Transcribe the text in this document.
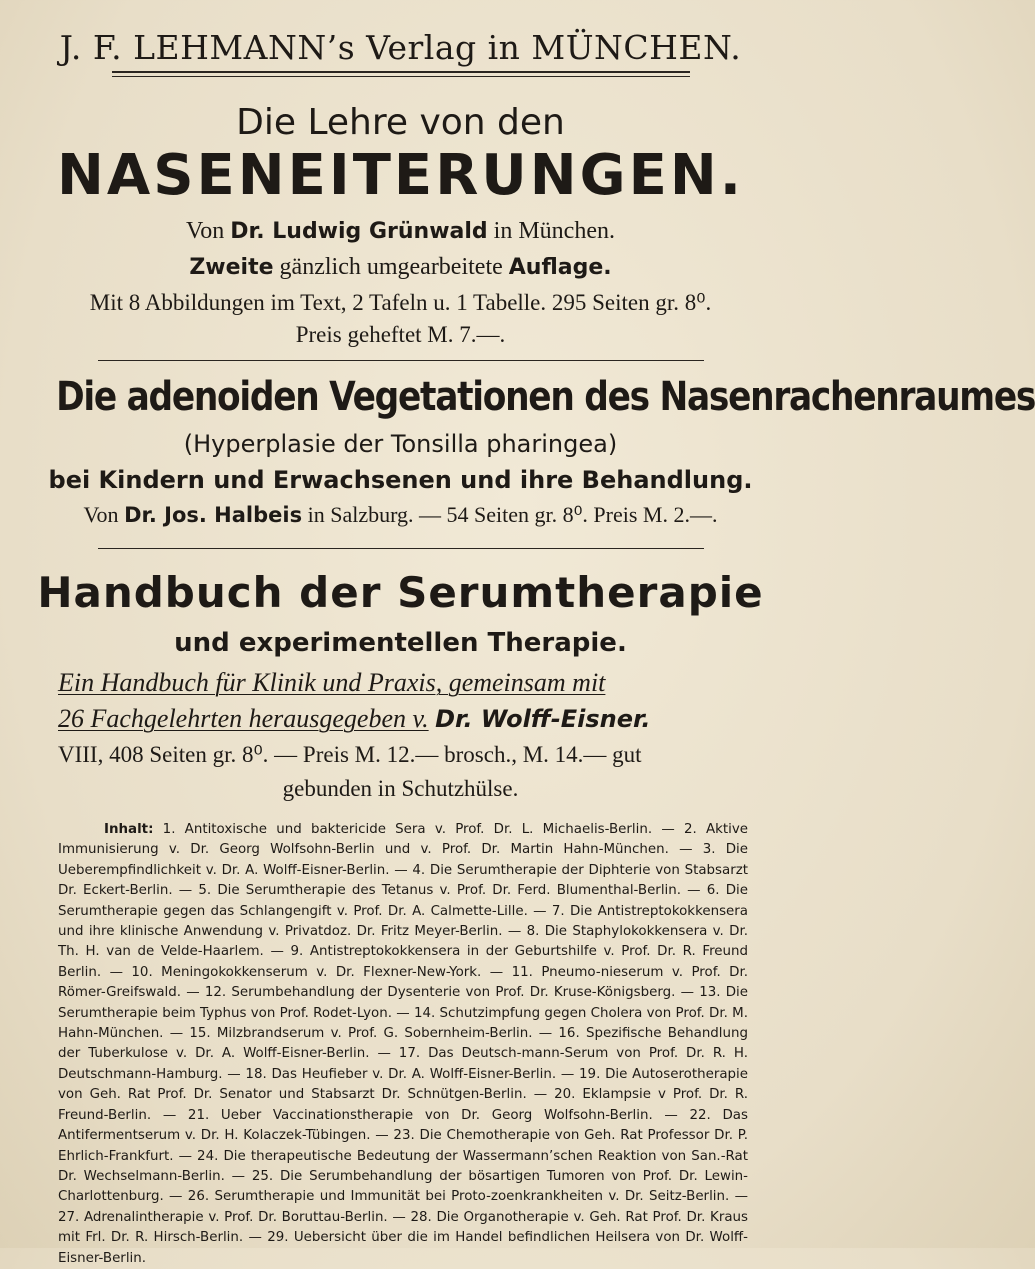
J. F. LEHMANN’s Verlag in MÜNCHEN.
Die Lehre von den
NASENEITERUNGEN.
Von Dr. Ludwig Grünwald in München.
Zweite gänzlich umgearbeitete Auflage.
Mit 8 Abbildungen im Text, 2 Tafeln u. 1 Tabelle. 295 Seiten gr. 8⁰.
Preis geheftet M. 7.—.
Die adenoiden Vegetationen des Nasenrachenraumes
(Hyperplasie der Tonsilla pharingea)
bei Kindern und Erwachsenen und ihre Behandlung.
Von Dr. Jos. Halbeis in Salzburg. — 54 Seiten gr. 8⁰. Preis M. 2.—.
Handbuch der Serumtherapie
und experimentellen Therapie.
Ein Handbuch für Klinik und Praxis, gemeinsam mit
26 Fachgelehrten herausgegeben v. Dr. Wolff-Eisner.
VIII, 408 Seiten gr. 8⁰. — Preis M. 12.— brosch., M. 14.— gut
gebunden in Schutzhülse.
Inhalt: 1. Antitoxische und baktericide Sera v. Prof. Dr. L. Michaelis-Berlin. — 2. Aktive Immunisierung v. Dr. Georg Wolfsohn-Berlin und v. Prof. Dr. Martin Hahn-München. — 3. Die Ueberempfindlichkeit v. Dr. A. Wolff-Eisner-Berlin. — 4. Die Serumtherapie der Diphterie von Stabsarzt Dr. Eckert-Berlin. — 5. Die Serumtherapie des Tetanus v. Prof. Dr. Ferd. Blumenthal-Berlin. — 6. Die Serumtherapie gegen das Schlangengift v. Prof. Dr. A. Calmette-Lille. — 7. Die Antistreptokokkensera und ihre klinische Anwendung v. Privatdoz. Dr. Fritz Meyer-Berlin. — 8. Die Staphylokokkensera v. Dr. Th. H. van de Velde-Haarlem. — 9. Antistreptokokkensera in der Geburtshilfe v. Prof. Dr. R. Freund Berlin. — 10. Meningokokkenserum v. Dr. Flexner-New-York. — 11. Pneumo-nieserum v. Prof. Dr. Römer-Greifswald. — 12. Serumbehandlung der Dysenterie von Prof. Dr. Kruse-Königsberg. — 13. Die Serumtherapie beim Typhus von Prof. Rodet-Lyon. — 14. Schutzimpfung gegen Cholera von Prof. Dr. M. Hahn-München. — 15. Milzbrandserum v. Prof. G. Sobernheim-Berlin. — 16. Spezifische Behandlung der Tuberkulose v. Dr. A. Wolff-Eisner-Berlin. — 17. Das Deutsch-mann-Serum von Prof. Dr. R. H. Deutschmann-Hamburg. — 18. Das Heufieber v. Dr. A. Wolff-Eisner-Berlin. — 19. Die Autoserotherapie von Geh. Rat Prof. Dr. Senator und Stabsarzt Dr. Schnütgen-Berlin. — 20. Eklampsie v Prof. Dr. R. Freund-Berlin. — 21. Ueber Vaccinationstherapie von Dr. Georg Wolfsohn-Berlin. — 22. Das Antifermentserum v. Dr. H. Kolaczek-Tübingen. — 23. Die Chemotherapie von Geh. Rat Professor Dr. P. Ehrlich-Frankfurt. — 24. Die therapeutische Bedeutung der Wassermann’schen Reaktion von San.-Rat Dr. Wechselmann-Berlin. — 25. Die Serumbehandlung der bösartigen Tumoren von Prof. Dr. Lewin-Charlottenburg. — 26. Serumtherapie und Immunität bei Proto-zoenkrankheiten v. Dr. Seitz-Berlin. — 27. Adrenalintherapie v. Prof. Dr. Boruttau-Berlin. — 28. Die Organotherapie v. Geh. Rat Prof. Dr. Kraus mit Frl. Dr. R. Hirsch-Berlin. — 29. Uebersicht über die im Handel befindlichen Heilsera von Dr. Wolff-Eisner-Berlin.
